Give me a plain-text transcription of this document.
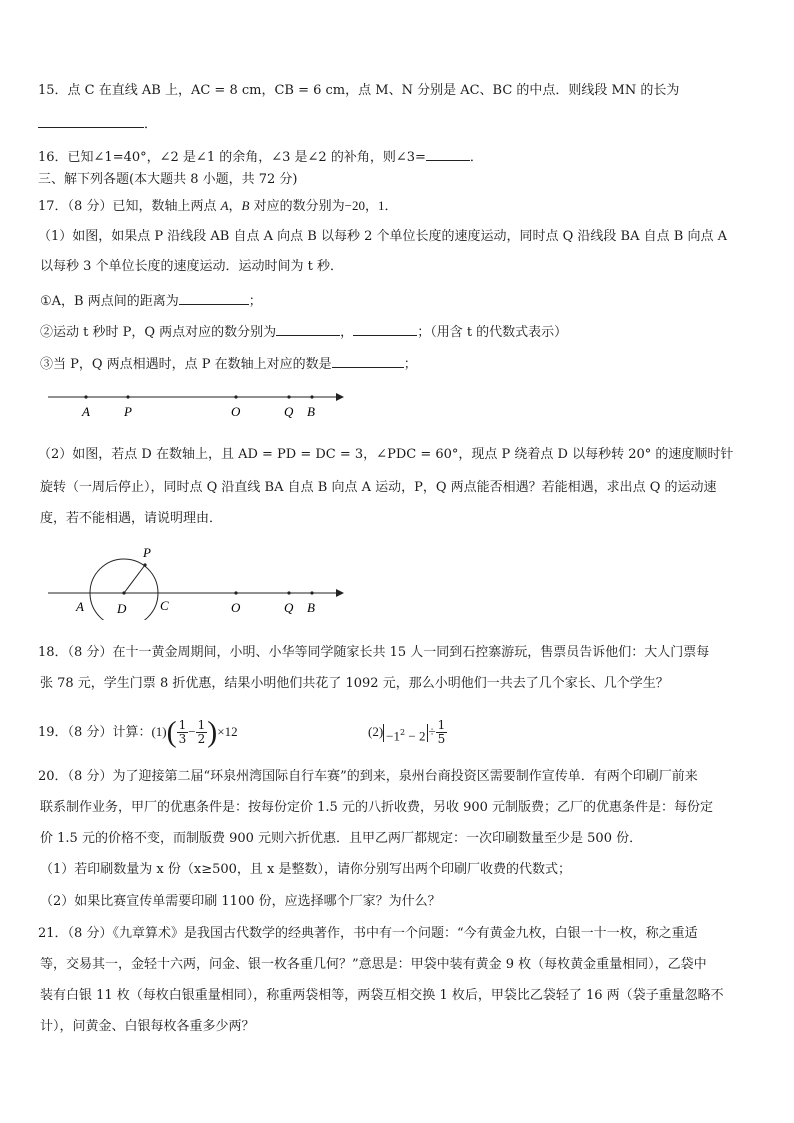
15．点 C 在直线 AB 上，AC = 8 cm，CB = 6 cm，点 M、N 分别是 AC、BC 的中点．则线段 MN 的长为
．
16．已知∠1=40°，∠2 是∠1 的余角，∠3 是∠2 的补角，则∠3=	．
三、解下列各题(本大题共 8 小题，共 72 分)
17．（8 分）已知，数轴上两点 A，B 对应的数分别为−20，1．
（1）如图，如果点 P 沿线段 AB 自点 A 向点 B 以每秒 2 个单位长度的速度运动，同时点 Q 沿线段 BA 自点 B 向点 A
以每秒 3 个单位长度的速度运动．运动时间为 t 秒．
①A，B 两点间的距离为	；
②运动 t 秒时 P，Q 两点对应的数分别为	，	；（用含 t 的代数式表示）
③当 P，Q 两点相遇时，点 P 在数轴上对应的数是	；
A	P	O	Q B
（2）如图，若点 D 在数轴上，且 AD = PD = DC = 3，∠PDC = 60°，现点 P 绕着点 D 以每秒转 20° 的速度顺时针
旋转（一周后停止），同时点 Q 沿直线 BA 自点 B 向点 A 运动，P，Q 两点能否相遇？若能相遇，求出点 Q 的运动速
度，若不能相遇，请说明理由．
P
A	D	C	O	Q B
18．（8 分）在十一黄金周期间，小明、小华等同学随家长共 15 人一同到石控寨游玩，售票员告诉他们：大人门票每
张 78 元，学生门票 8 折优惠，结果小明他们共花了 1092 元，那么小明他们一共去了几个家长、几个学生？
19．（8 分）计算：$(1)( \frac{1}{3} - \frac{1}{2} )\times 12$	$(2) -1^2 - 2 \div \frac{1}{5}$
20．（8 分）为了迎接第二届“环泉州湾国际自行车赛”的到来，泉州台商投资区需要制作宣传单．有两个印刷厂前来
联系制作业务，甲厂的优惠条件是：按每份定价 1.5 元的八折收费，另收 900 元制版费；乙厂的优惠条件是：每份定
价 1.5 元的价格不变，而制版费 900 元则六折优惠．且甲乙两厂都规定：一次印刷数量至少是 500 份．
（1）若印刷数量为 x 份（x≥500，且 x 是整数），请你分别写出两个印刷厂收费的代数式；
（2）如果比赛宣传单需要印刷 1100 份，应选择哪个厂家？为什么？
21．（8 分）《九章算术》是我国古代数学的经典著作，书中有一个问题：“今有黄金九枚，白银一十一枚，称之重适
等，交易其一，金轻十六两，问金、银一枚各重几何？”意思是：甲袋中装有黄金 9 枚（每枚黄金重量相同），乙袋中
装有白银 11 枚（每枚白银重量相同），称重两袋相等，两袋互相交换 1 枚后，甲袋比乙袋轻了 16 两（袋子重量忽略不
计），问黄金、白银每枚各重多少两？
